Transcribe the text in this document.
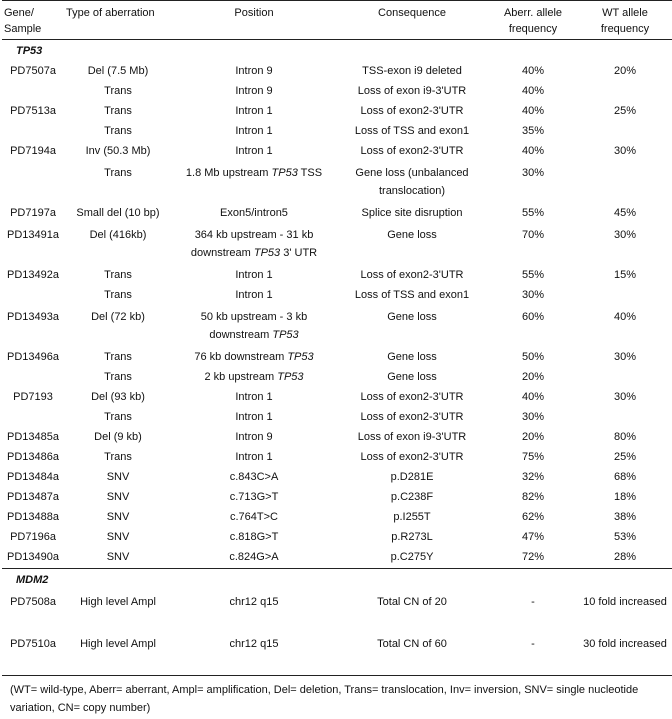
Gene/ Sample	Type of aberration	Position	Consequence	Aberr. allele frequency	WT allele frequency
TP53					
PD7507a	Del (7.5 Mb)	Intron 9	TSS-exon i9 deleted	40%	20%
	Trans	Intron 9	Loss of exon i9-3'UTR	40%	
PD7513a	Trans	Intron 1	Loss of exon2-3'UTR	40%	25%
	Trans	Intron 1	Loss of TSS and exon1	35%	
PD7194a	Inv (50.3 Mb)	Intron 1	Loss of exon2-3'UTR	40%	30%
	Trans	1.8 Mb upstream TP53 TSS	Gene loss (unbalanced translocation)	30%	
PD7197a	Small del (10 bp)	Exon5/intron5	Splice site disruption	55%	45%
PD13491a	Del (416kb)	364 kb upstream - 31 kb downstream TP53 3' UTR	Gene loss	70%	30%
PD13492a	Trans	Intron 1	Loss of exon2-3'UTR	55%	15%
	Trans	Intron 1	Loss of TSS and exon1	30%	
PD13493a	Del (72 kb)	50 kb upstream - 3 kb downstream TP53	Gene loss	60%	40%
PD13496a	Trans	76 kb downstream TP53	Gene loss	50%	30%
	Trans	2 kb upstream TP53	Gene loss	20%	
PD7193	Del (93 kb)	Intron 1	Loss of exon2-3'UTR	40%	30%
	Trans	Intron 1	Loss of exon2-3'UTR	30%	
PD13485a	Del (9 kb)	Intron 9	Loss of exon i9-3'UTR	20%	80%
PD13486a	Trans	Intron 1	Loss of exon2-3'UTR	75%	25%
PD13484a	SNV	c.843C>A	p.D281E	32%	68%
PD13487a	SNV	c.713G>T	p.C238F	82%	18%
PD13488a	SNV	c.764T>C	p.I255T	62%	38%
PD7196a	SNV	c.818G>T	p.R273L	47%	53%
PD13490a	SNV	c.824G>A	p.C275Y	72%	28%
MDM2					
PD7508a	High level Ampl	chr12 q15	Total CN of 20	-	10 fold increased
PD7510a	High level Ampl	chr12 q15	Total CN of 60	-	30 fold increased
(WT= wild-type, Aberr= aberrant, Ampl= amplification, Del= deletion, Trans= translocation, Inv= inversion, SNV= single nucleotide variation, CN= copy number)
